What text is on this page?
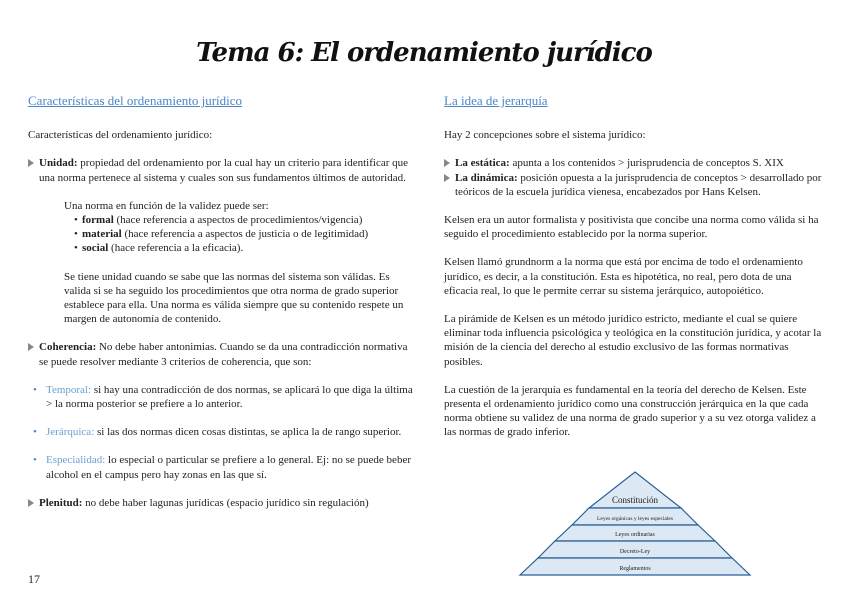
Tema 6: El ordenamiento jurídico
Características del ordenamiento jurídico

Características del ordenamiento jurídico:

Unidad: propiedad del ordenamiento por la cual hay un criterio para identificar que una norma pertenece al sistema y cuales son sus fundamentos últimos de autoridad.

Una norma en función de la validez puede ser:

• formal (hace referencia a aspectos de procedimientos/vigencia)
• material (hace referencia a aspectos de justicia o de legitimidad)
• social (hace referencia a la eficacia).

Se tiene unidad cuando se sabe que las normas del sistema son válidas. Es valida si se ha seguido los procedimientos que otra norma de grado superior establece para ella. Una norma es válida siempre que su contenido respete un margen de autonomía de contenido.

Coherencia: No debe haber antonimias. Cuando se da una contradicción normativa se puede resolver mediante 3 criterios de coherencia, que son:
• Temporal: si hay una contradicción de dos normas, se aplicará lo que diga la última > la norma posterior se prefiere a lo anterior.
• Jerárquica: si las dos normas dicen cosas distintas, se aplica la de rango superior.
• Especialidad: lo especial o particular se prefiere a lo general. Ej: no se puede beber alcohol en el campus pero hay zonas en las que sí.
Plenitud: no debe haber lagunas jurídicas (espacio jurídico sin regulación)
La idea de jerarquía

Hay 2 concepciones sobre el sistema jurídico:

La estática: apunta a los contenidos > jurisprudencia de conceptos S. XIX
La dinámica: posición opuesta a la jurisprudencia de conceptos > desarrollado por teóricos de la escuela jurídica vienesa, encabezados por Hans Kelsen.

Kelsen era un autor formalista y positivista que concibe una norma como válida si ha seguido el procedimiento establecido por la norma superior.

Kelsen llamó grundnorm a la norma que está por encima de todo el ordenamiento jurídico, es decir, a la constitución. Esta es hipotética, no real, pero dota de una eficacia real, lo que le permite cerrar su sistema jerárquico, autopoiético.

La pirámide de Kelsen es un método jurídico estricto, mediante el cual se quiere eliminar toda influencia psicológica y teológica en la constitución jurídica, y acotar la misión de la ciencia del derecho al estudio exclusivo de las formas normativas posibles.

La cuestión de la jerarquía es fundamental en la teoría del derecho de Kelsen. Este presenta el ordenamiento jurídico como una construcción jerárquica en la que cada norma obtiene su validez de una norma de grado superior y a su vez otorga validez a las normas de grado inferior.

Constitución
Leyes orgánicas y leyes especiales
Leyes ordinarias
Decreto-Ley
Reglamentos
17
